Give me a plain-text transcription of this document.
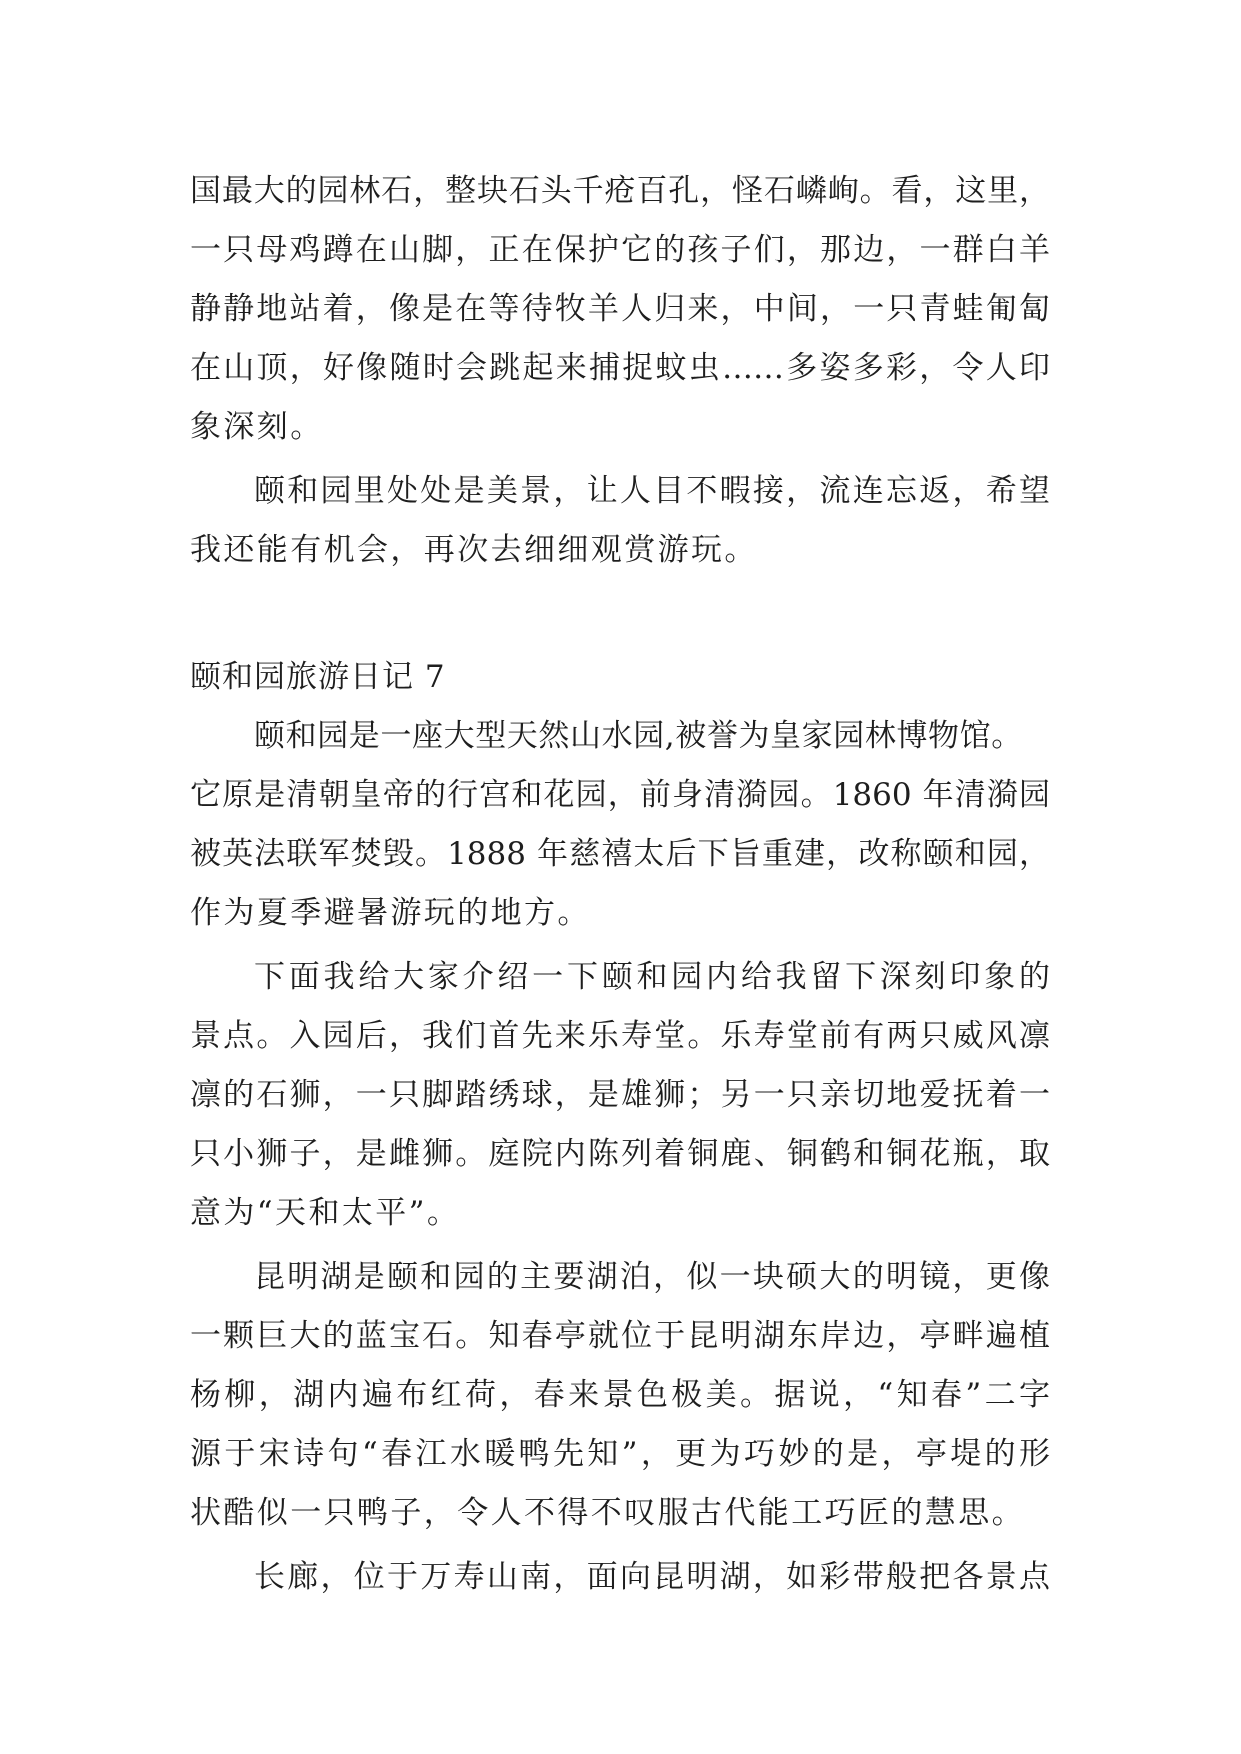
国最大的园林石，整块石头千疮百孔，怪石嶙峋。看，这里，
一只母鸡蹲在山脚，正在保护它的孩子们，那边，一群白羊
静静地站着，像是在等待牧羊人归来，中间，一只青蛙匍匐
在山顶，好像随时会跳起来捕捉蚊虫……多姿多彩，令人印
象深刻。
颐和园里处处是美景，让人目不暇接，流连忘返，希望
我还能有机会，再次去细细观赏游玩。
颐和园旅游日记 7
颐和园是一座大型天然山水园,被誉为皇家园林博物馆。
它原是清朝皇帝的行宫和花园，前身清漪园。1860 年清漪园
被英法联军焚毁。1888 年慈禧太后下旨重建，改称颐和园，
作为夏季避暑游玩的地方。
下面我给大家介绍一下颐和园内给我留下深刻印象的
景点。入园后，我们首先来乐寿堂。乐寿堂前有两只威风凛
凛的石狮，一只脚踏绣球，是雄狮；另一只亲切地爱抚着一
只小狮子，是雌狮。庭院内陈列着铜鹿、铜鹤和铜花瓶，取
意为“天和太平”。
昆明湖是颐和园的主要湖泊，似一块硕大的明镜，更像
一颗巨大的蓝宝石。知春亭就位于昆明湖东岸边，亭畔遍植
杨柳，湖内遍布红荷，春来景色极美。据说，“知春”二字
源于宋诗句“春江水暖鸭先知”，更为巧妙的是，亭堤的形
状酷似一只鸭子，令人不得不叹服古代能工巧匠的慧思。
长廊，位于万寿山南，面向昆明湖，如彩带般把各景点
